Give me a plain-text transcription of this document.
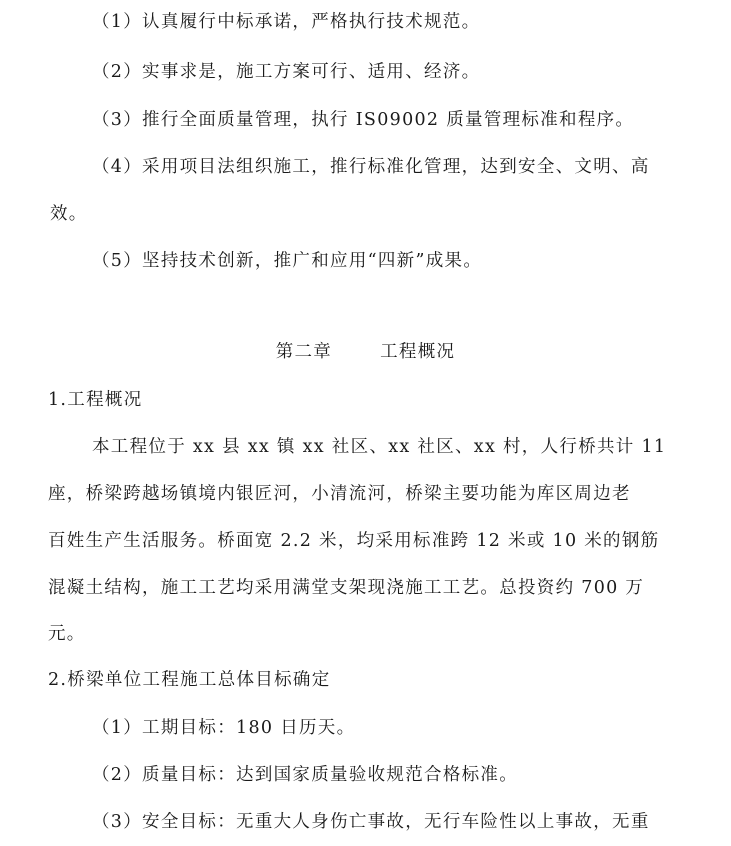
（1）认真履行中标承诺，严格执行技术规范。
（2）实事求是，施工方案可行、适用、经济。
（3）推行全面质量管理，执行 IS09002 质量管理标准和程序。
（4）采用项目法组织施工，推行标准化管理，达到安全、文明、高
效。
（5）坚持技术创新，推广和应用“四新”成果。
第二章	工程概况
1.工程概况
本工程位于 xx 县 xx 镇 xx 社区、xx 社区、xx 村，人行桥共计 11
座，桥梁跨越场镇境内银匠河，小清流河，桥梁主要功能为库区周边老
百姓生产生活服务。桥面宽 2.2 米，均采用标准跨 12 米或 10 米的钢筋
混凝土结构，施工工艺均采用满堂支架现浇施工工艺。总投资约 700 万
元。
2.桥梁单位工程施工总体目标确定
（1）工期目标：180 日历天。
（2）质量目标：达到国家质量验收规范合格标准。
（3）安全目标：无重大人身伤亡事故，无行车险性以上事故，无重
